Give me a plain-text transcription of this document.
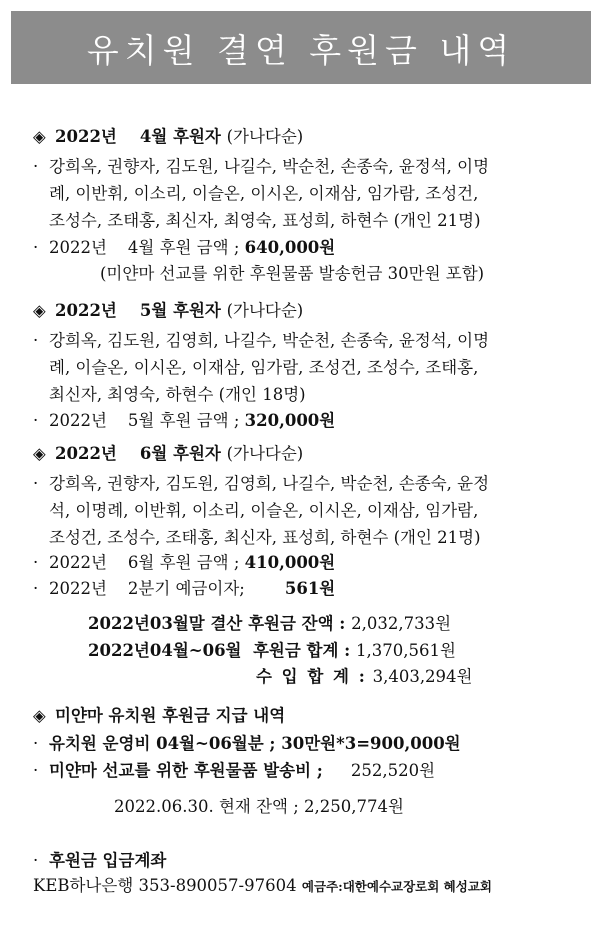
유치원 결연 후원금 내역
◈ 2022년 4월 후원자 (가나다순)
· 강희옥, 권향자, 김도원, 나길수, 박순천, 손종숙, 윤정석, 이명
례, 이반휘, 이소리, 이슬온, 이시온, 이재삼, 임가람, 조성건,
조성수, 조태홍, 최신자, 최영숙, 표성희, 하현수 (개인 21명)
· 2022년    4월 후원 금액 ; 640,000원
(미얀마 선교를 위한 후원물품 발송헌금 30만원 포함)
◈ 2022년 5월 후원자 (가나다순)
· 강희옥, 김도원, 김영희, 나길수, 박순천, 손종숙, 윤정석, 이명
례, 이슬온, 이시온, 이재삼, 임가람, 조성건, 조성수, 조태홍,
최신자, 최영숙, 하현수 (개인 18명)
· 2022년    5월 후원 금액 ; 320,000원
◈ 2022년 6월 후원자 (가나다순)
· 강희옥, 권향자, 김도원, 김영희, 나길수, 박순천, 손종숙, 윤정
석, 이명례, 이반휘, 이소리, 이슬온, 이시온, 이재삼, 임가람,
조성건, 조성수, 조태홍, 최신자, 표성희, 하현수 (개인 21명)
· 2022년    6월 후원 금액 ; 410,000원
· 2022년    2분기 예금이자; 561원
2022년03월말 결산 후원금 잔액 : 2,032,733원
2022년04월~06월  후원금 합계 : 1,370,561원
수 입 합 계 : 3,403,294원
◈ 미얀마 유치원 후원금 지급 내역
· 유치원 운영비 04월~06월분 ; 30만원*3=900,000원
· 미얀마 선교를 위한 후원물품 발송비 ; 252,520원
2022.06.30. 현재 잔액 ; 2,250,774원
· 후원금 입금계좌
KEB하나은행 353-890057-97604 예금주:대한예수교장로회 혜성교회
